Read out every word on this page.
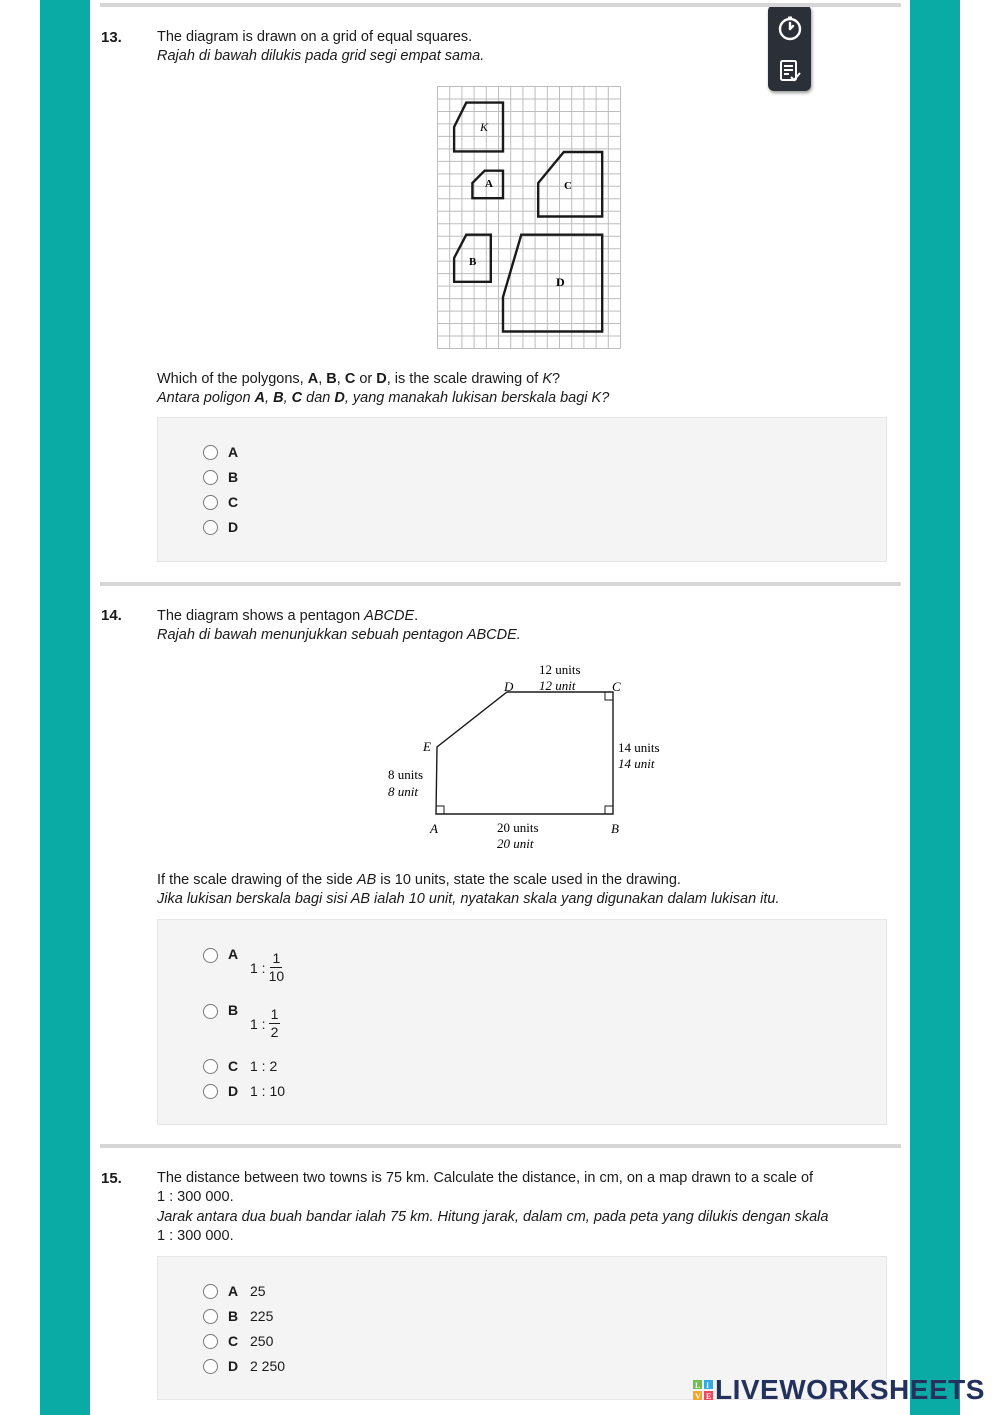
13. The diagram is drawn on a grid of equal squares.
Rajah di bawah dilukis pada grid segi empat sama.
K
A	C
B
D
Which of the polygons, A, B, C or D, is the scale drawing of K?
Antara poligon A, B, C dan D, yang manakah lukisan berskala bagi K?
A
B
C
D
14. The diagram shows a pentagon ABCDE.
Rajah di bawah menunjukkan sebuah pentagon ABCDE.
D	C
E
A	B
12 units
12 unit
14 units
14 unit
8 units
8 unit
20 units
20 unit
If the scale drawing of the side AB is 10 units, state the scale used in the drawing.
Jika lukisan berskala bagi sisi AB ialah 10 unit, nyatakan skala yang digunakan dalam lukisan itu.
A
1 : $\frac{1}{10}$
B
1 : $\frac{1}{2}$
C 1 : 2
D 1 : 10
15. The distance between two towns is 75 km. Calculate the distance, in cm, on a map drawn to a scale of
1 : 300 000.
Jarak antara dua buah bandar ialah 75 km. Hitung jarak, dalam cm, pada peta yang dilukis dengan skala
1 : 300 000.
A 25
B 225
C 250
D 2 250
L I
V E LIVEWORKSHEETS
